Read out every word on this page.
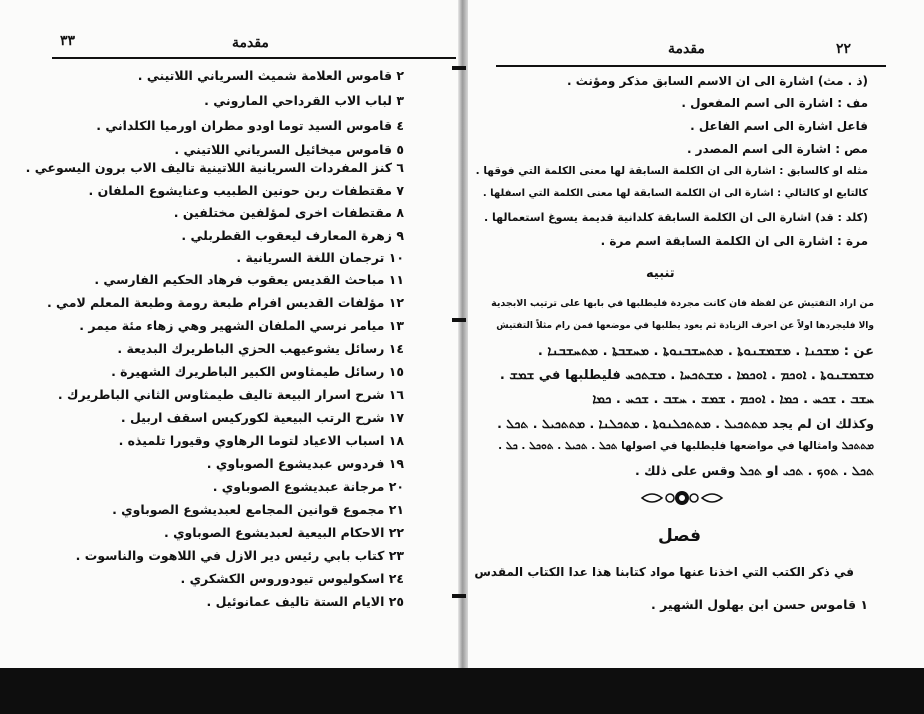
٣٣	مقدمة
٢ قاموس العلامة شميث السرياني اللاتيني .
٣ لباب الاب القرداحي الماروني .
٤ قاموس السيد توما اودو مطران اورميا الكلداني .
٥ قاموس ميخائيل السرياني اللاتيني .
٦ كنز المفردات السريانية اللاتينية تاليف الاب برون اليسوعي .
٧ مقتطفات ربن حونين الطبيب وعنايشوع الملفان .
٨ مقتطفات اخرى لمؤلفين مختلفين .
٩ زهرة المعارف ليعقوب القطربلي .
١٠ ترجمان اللغة السريانية .
١١ مباحث القديس يعقوب فرهاد الحكيم الفارسي .
١٢ مؤلفات القديس افرام طبعة رومة وطبعة المعلم لامي .
١٣ ميامر نرسي الملفان الشهير وهي زهاء مئة ميمر .
١٤ رسائل يشوعيهب الحزي الباطريرك البديعة .
١٥ رسائل طيمثاوس الكبير الباطريرك الشهيرة .
١٦ شرح اسرار البيعة تاليف طيمثاوس الثاني الباطريرك .
١٧ شرح الرتب البيعية لكوركيس اسقف اربيل .
١٨ اسباب الاعياد لتوما الرهاوي وقيورا تلميذه .
١٩ فردوس عبديشوع الصوباوي .
٢٠ مرجانة عبديشوع الصوباوي .
٢١ مجموع قوانين المجامع لعبديشوع الصوباوي .
٢٢ الاحكام البيعية لعبديشوع الصوباوي .
٢٣ كتاب بابي رئيس دير الازل في اللاهوت والناسوت .
٢٤ اسكوليوس تيودوروس الكشكري .
٢٥ الايام الستة تاليف عمانوئيل .
٢٢
مقدمة
(ﺫ . ﻣﺚ) اشارة الى ان الاسم السابق مذكر ومؤنث .
مف : اشارة الى اسم المفعول .
فاعل اشارة الى اسم الفاعل .
مص : اشارة الى اسم المصدر .
مثله او كالسابق : اشارة الى ان الكلمة السابقة لها معنى الكلمة التي فوقها .
كالتابع او كالتالي : اشارة الى ان الكلمة السابقة لها معنى الكلمة التي اسفلها .
(كلد : قد) اشارة الى ان الكلمة السابقة كلدانية قديمة يسوغ استعمالها .
مرة : اشارة الى ان الكلمة السابقة اسم مرة .
تنبيه
من اراد التفتيش عن لفظة فان كانت مجردة فليطلبها في بابها على ترتيب الابجدية
والا فليجردها اولاً عن احرف الزيادة ثم يعود يطلبها في موضعها فمن رام مثلاً التفتيش
عن : ܡܫܟܢܐ . ܡܫܡܫܢܘܬܐ . ܡܬܚܫܒܢܘܬܐ . ܡܚܫܒܬܐ . ܡܬܚܫܒܢܐ .
ܡܫܡܫܢܘܬܐ . ܐܘܟܡ . ܐܘܟܡܐ . ܡܫܬܟܚܐ . ܡܫܬܟܚ فليطلبها في ܫܡܫ .
ܚܫܒ . ܫܟܚ . ܟܡܐ . ܐܘܟܡ . ܫܡܫ . ܚܫܒ . ܫܟܚ . ܟܡܐ
وكذلك ان لم يجد ܡܬܬܟܝܠ . ܡܬܬܟܠܢܘܬܐ . ܡܬܟܠܢܐ . ܡܬܬܟܝܠ . ܬܟܠ .
ܡܬܬܟܠ وامثالها في مواضعها فليطلبها في اصولها ܬܟܠ . ܬܟܝܠ . ܬܘܟܠ . ܟܠ .
ܬܟܠ . ܬܘܟ . ܬܟܝ او ܬܟܠ وقس على ذلك .
فصل
في ذكر الكتب التي اخذنا عنها مواد كتابنا هذا عدا الكتاب المقدس
١ قاموس حسن ابن بهلول الشهير .
